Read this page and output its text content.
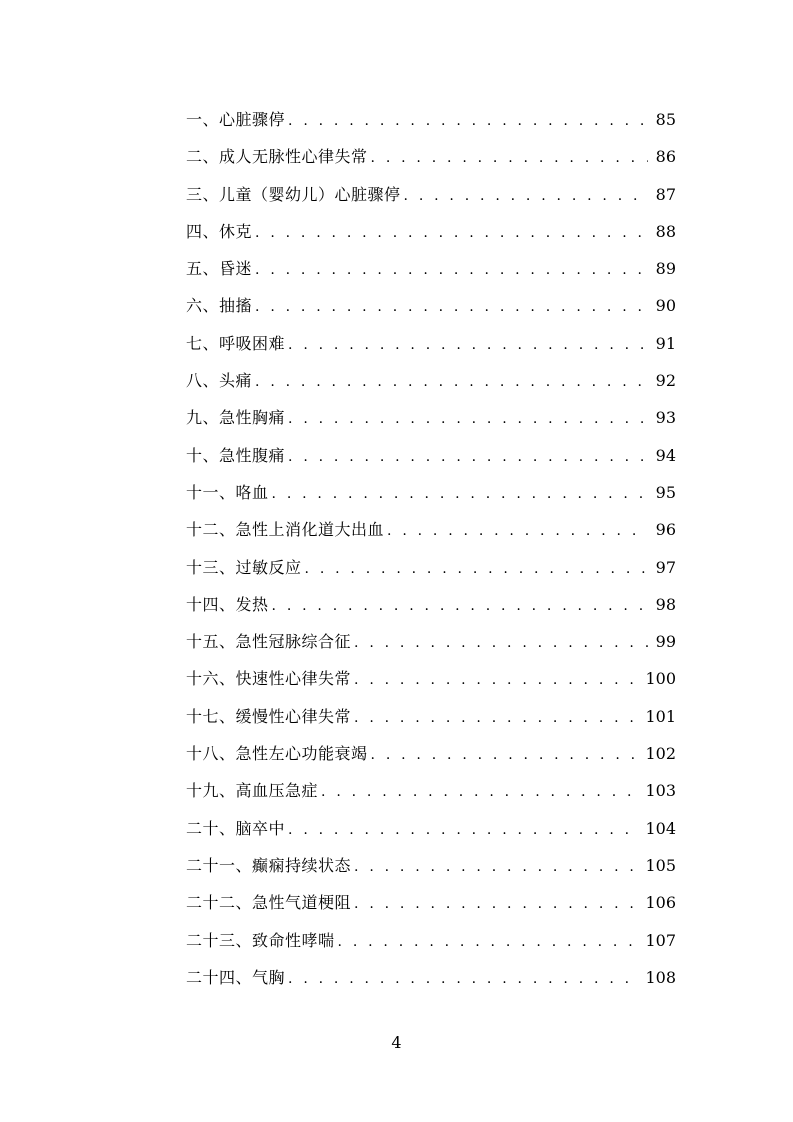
一、心脏骤停 . . .	85
二、成人无脉性心律失常 . . .	86
三、儿童（婴幼儿）心脏骤停 . . .	87
四、休克 . . .	88
五、昏迷 . . .	89
六、抽搐 . . .	90
七、呼吸困难 . . .	91
八、头痛 . . .	92
九、急性胸痛 . . .	93
十、急性腹痛 . . .	94
十一、咯血 . . .	95
十二、急性上消化道大出血 . . .	96
十三、过敏反应 . . .	97
十四、发热 . . .	98
十五、急性冠脉综合征 . . .	99
十六、快速性心律失常 . . .	100
十七、缓慢性心律失常 . . .	101
十八、急性左心功能衰竭 . . .	102
十九、高血压急症 . . .	103
二十、脑卒中 . . .	104
二十一、癫痫持续状态 . . .	105
二十二、急性气道梗阻 . . .	106
二十三、致命性哮喘 . . .	107
二十四、气胸 . . .	108
4
